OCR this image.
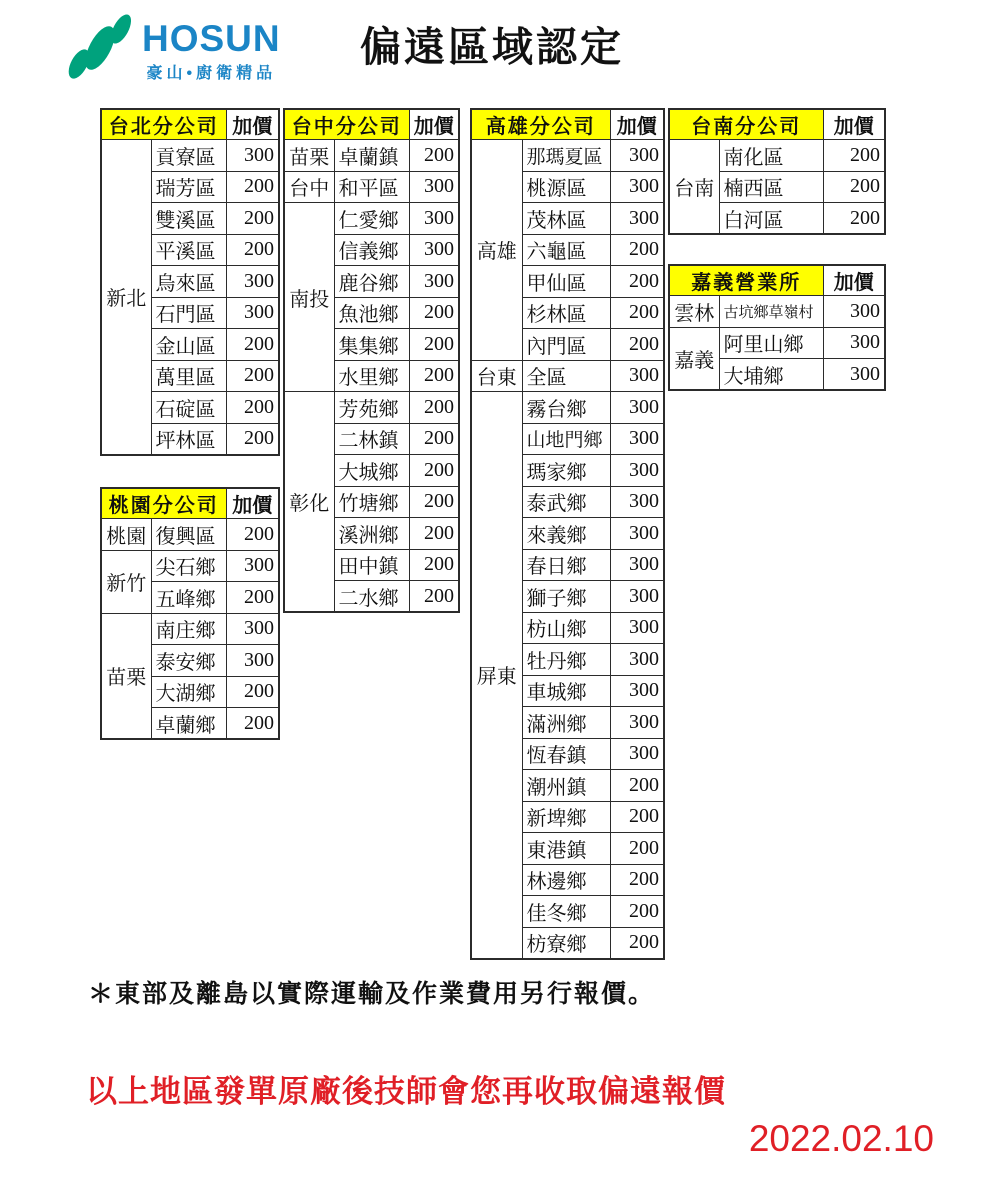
HOSUN
豪山•廚衛精品
偏遠區域認定
台北分公司		加價
新北	貢寮區	300
	瑞芳區	200
	雙溪區	200
	平溪區	200
	烏來區	300
	石門區	300
	金山區	200
	萬里區	200
	石碇區	200
	坪林區	200
桃園分公司		加價
桃園	復興區	200
新竹	尖石鄉	300
	五峰鄉	200
苗栗	南庄鄉	300
	泰安鄉	300
	大湖鄉	200
	卓蘭鄉	200
台中分公司		加價
苗栗	卓蘭鎮	200
台中	和平區	300
南投	仁愛鄉	300
	信義鄉	300
	鹿谷鄉	300
	魚池鄉	200
	集集鄉	200
	水里鄉	200
彰化	芳苑鄉	200
	二林鎮	200
	大城鄉	200
	竹塘鄉	200
	溪洲鄉	200
	田中鎮	200
	二水鄉	200
高雄分公司		加價
高雄	那瑪夏區	300
	桃源區	300
	茂林區	300
	六龜區	200
	甲仙區	200
	杉林區	200
	內門區	200
台東	全區	300
屏東	霧台鄉	300
	山地門鄉	300
	瑪家鄉	300
	泰武鄉	300
	來義鄉	300
	春日鄉	300
	獅子鄉	300
	枋山鄉	300
	牡丹鄉	300
	車城鄉	300
	滿洲鄉	300
	恆春鎮	300
	潮州鎮	200
	新埤鄉	200
	東港鎮	200
	林邊鄉	200
	佳冬鄉	200
	枋寮鄉	200
台南分公司		加價
台南	南化區	200
	楠西區	200
	白河區	200
嘉義營業所		加價
雲林	古坑鄉草嶺村	300
嘉義	阿里山鄉	300
	大埔鄉	300
＊東部及離島以實際運輸及作業費用另行報價。
以上地區發單原廠後技師會您再收取偏遠報價
2022.02.10
